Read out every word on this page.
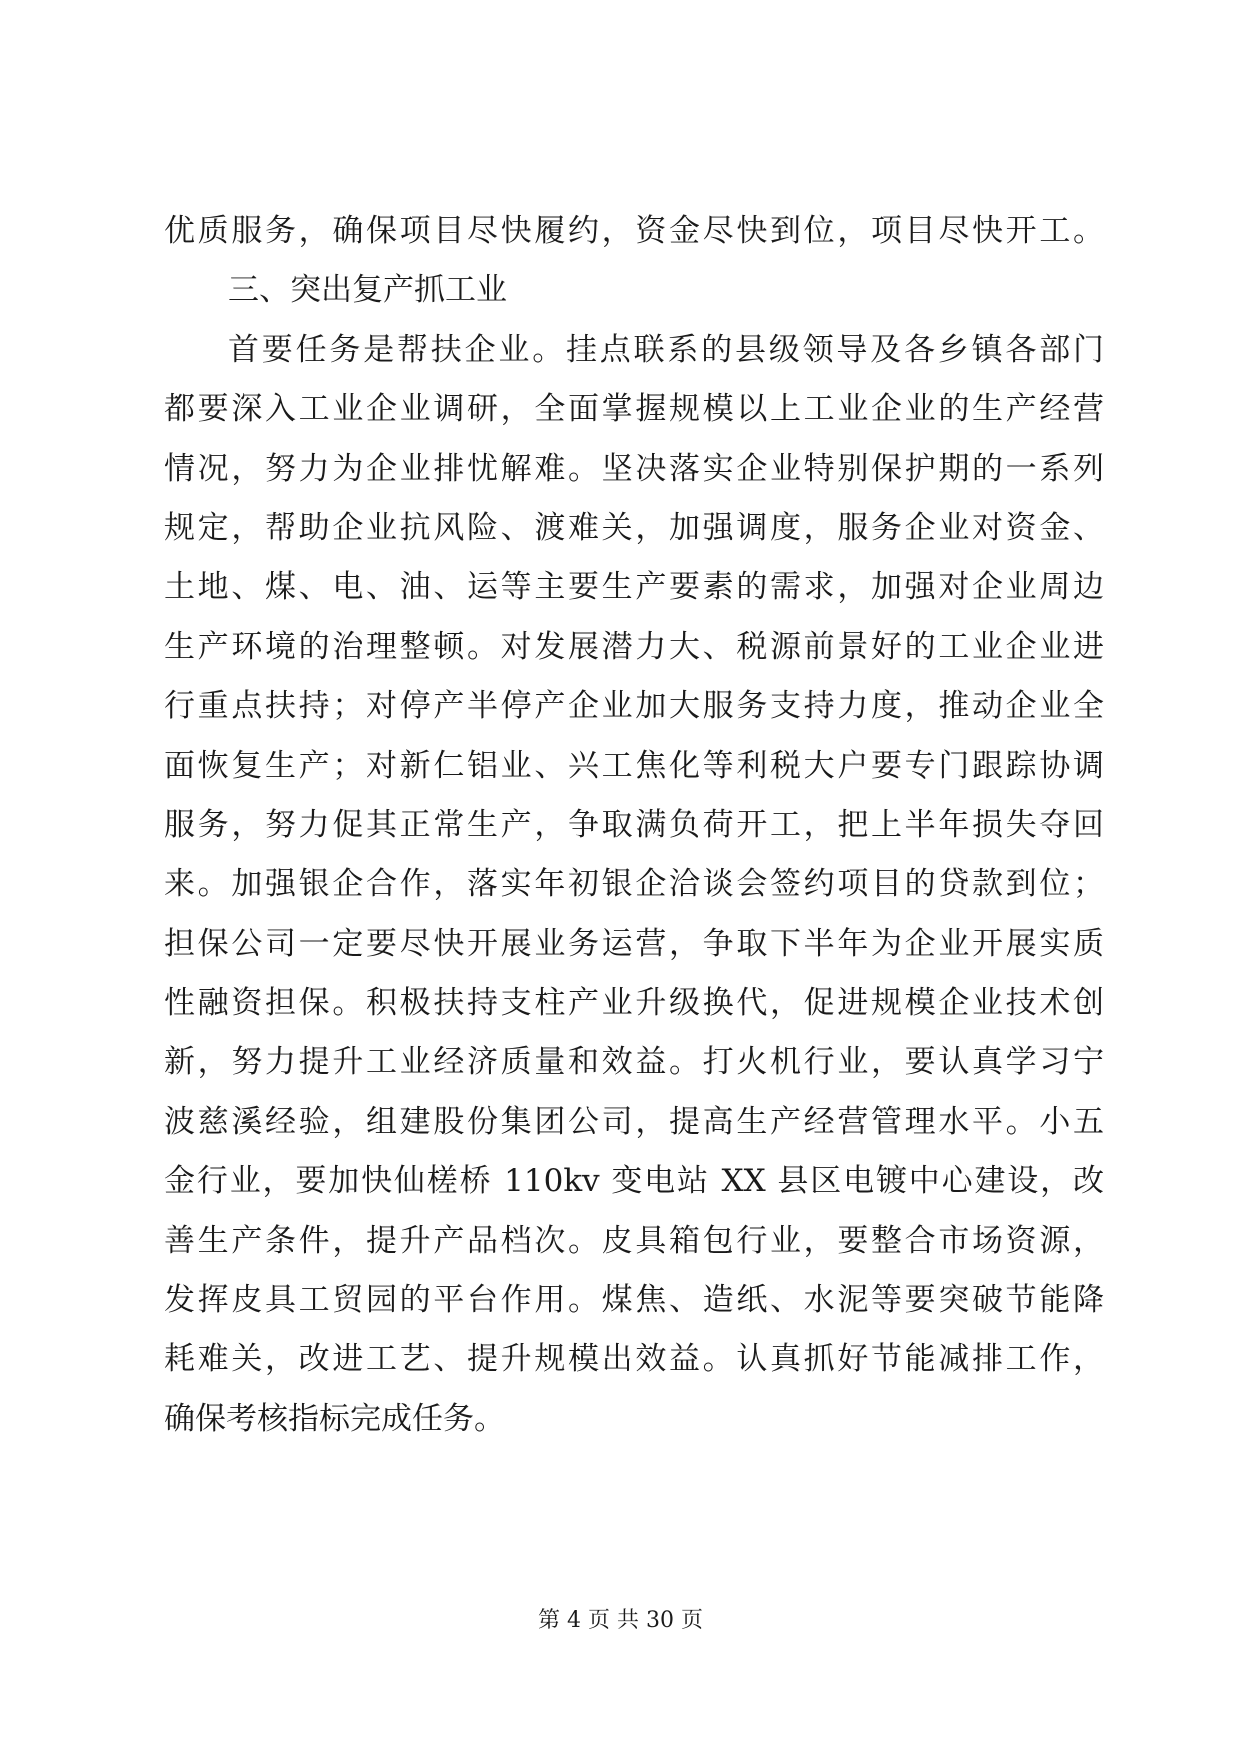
优质服务，确保项目尽快履约，资金尽快到位，项目尽快开工。
三、突出复产抓工业
首要任务是帮扶企业。挂点联系的县级领导及各乡镇各部门
都要深入工业企业调研，全面掌握规模以上工业企业的生产经营
情况，努力为企业排忧解难。坚决落实企业特别保护期的一系列
规定，帮助企业抗风险、渡难关，加强调度，服务企业对资金、
土地、煤、电、油、运等主要生产要素的需求，加强对企业周边
生产环境的治理整顿。对发展潜力大、税源前景好的工业企业进
行重点扶持；对停产半停产企业加大服务支持力度，推动企业全
面恢复生产；对新仁铝业、兴工焦化等利税大户要专门跟踪协调
服务，努力促其正常生产，争取满负荷开工，把上半年损失夺回
来。加强银企合作，落实年初银企洽谈会签约项目的贷款到位；
担保公司一定要尽快开展业务运营，争取下半年为企业开展实质
性融资担保。积极扶持支柱产业升级换代，促进规模企业技术创
新，努力提升工业经济质量和效益。打火机行业，要认真学习宁
波慈溪经验，组建股份集团公司，提高生产经营管理水平。小五
金行业，要加快仙槎桥 110kv 变电站 XX 县区电镀中心建设，改
善生产条件，提升产品档次。皮具箱包行业，要整合市场资源，
发挥皮具工贸园的平台作用。煤焦、造纸、水泥等要突破节能降
耗难关，改进工艺、提升规模出效益。认真抓好节能减排工作，
确保考核指标完成任务。
第 4 页 共 30 页
